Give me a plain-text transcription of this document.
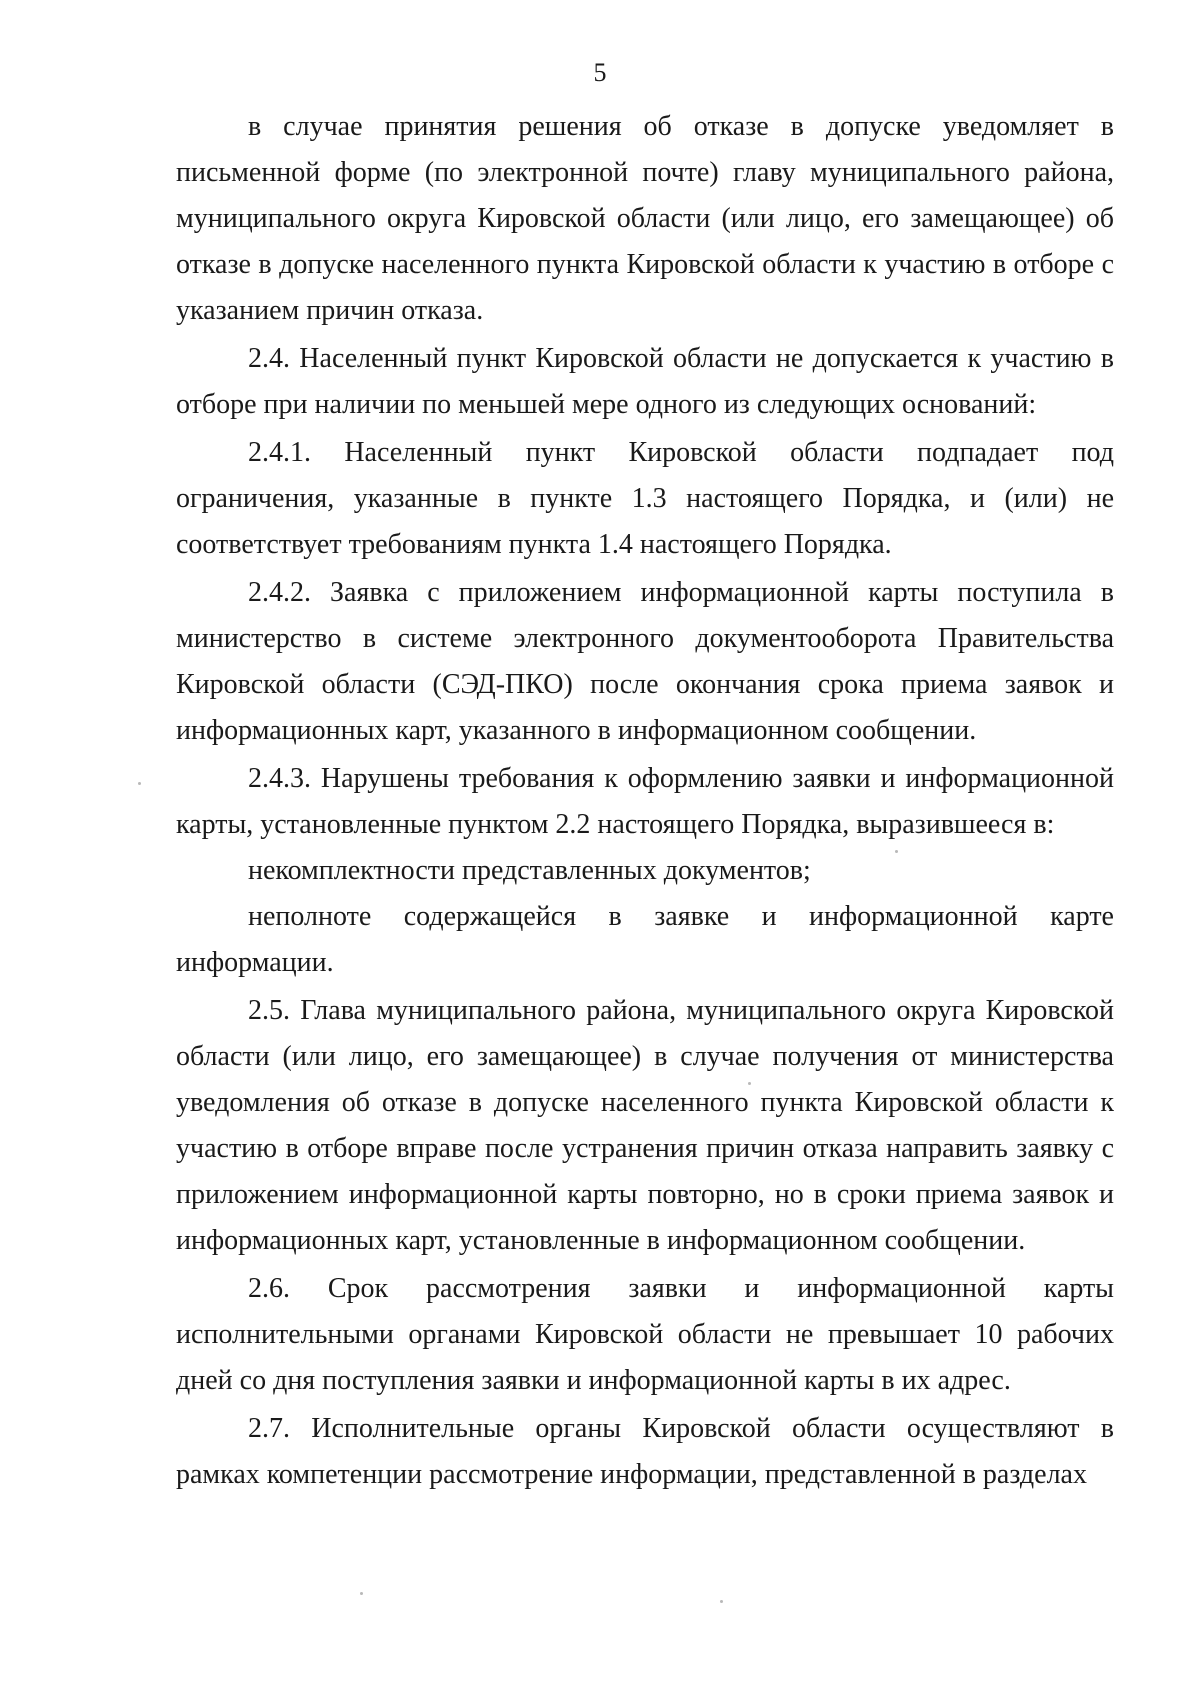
5

в случае принятия решения об отказе в допуске уведомляет в письменной форме (по электронной почте) главу муниципального района, муниципального округа Кировской области (или лицо, его замещающее) об отказе в допуске населенного пункта Кировской области к участию в отборе с указанием причин отказа.

2.4. Населенный пункт Кировской области не допускается к участию в отборе при наличии по меньшей мере одного из следующих оснований:

2.4.1. Населенный пункт Кировской области подпадает под ограничения, указанные в пункте 1.3 настоящего Порядка, и (или) не соответствует требованиям пункта 1.4 настоящего Порядка.

2.4.2. Заявка с приложением информационной карты поступила в министерство в системе электронного документооборота Правительства Кировской области (СЭД-ПКО) после окончания срока приема заявок и информационных карт, указанного в информационном сообщении.

2.4.3. Нарушены требования к оформлению заявки и информационной карты, установленные пунктом 2.2 настоящего Порядка, выразившееся в:

некомплектности представленных документов;

неполноте содержащейся в заявке и информационной карте информации.

2.5. Глава муниципального района, муниципального округа Кировской области (или лицо, его замещающее) в случае получения от министерства уведомления об отказе в допуске населенного пункта Кировской области к участию в отборе вправе после устранения причин отказа направить заявку с приложением информационной карты повторно, но в сроки приема заявок и информационных карт, установленные в информационном сообщении.

2.6. Срок рассмотрения заявки и информационной карты исполнительными органами Кировской области не превышает 10 рабочих дней со дня поступления заявки и информационной карты в их адрес.

2.7. Исполнительные органы Кировской области осуществляют в рамках компетенции рассмотрение информации, представленной в разделах
